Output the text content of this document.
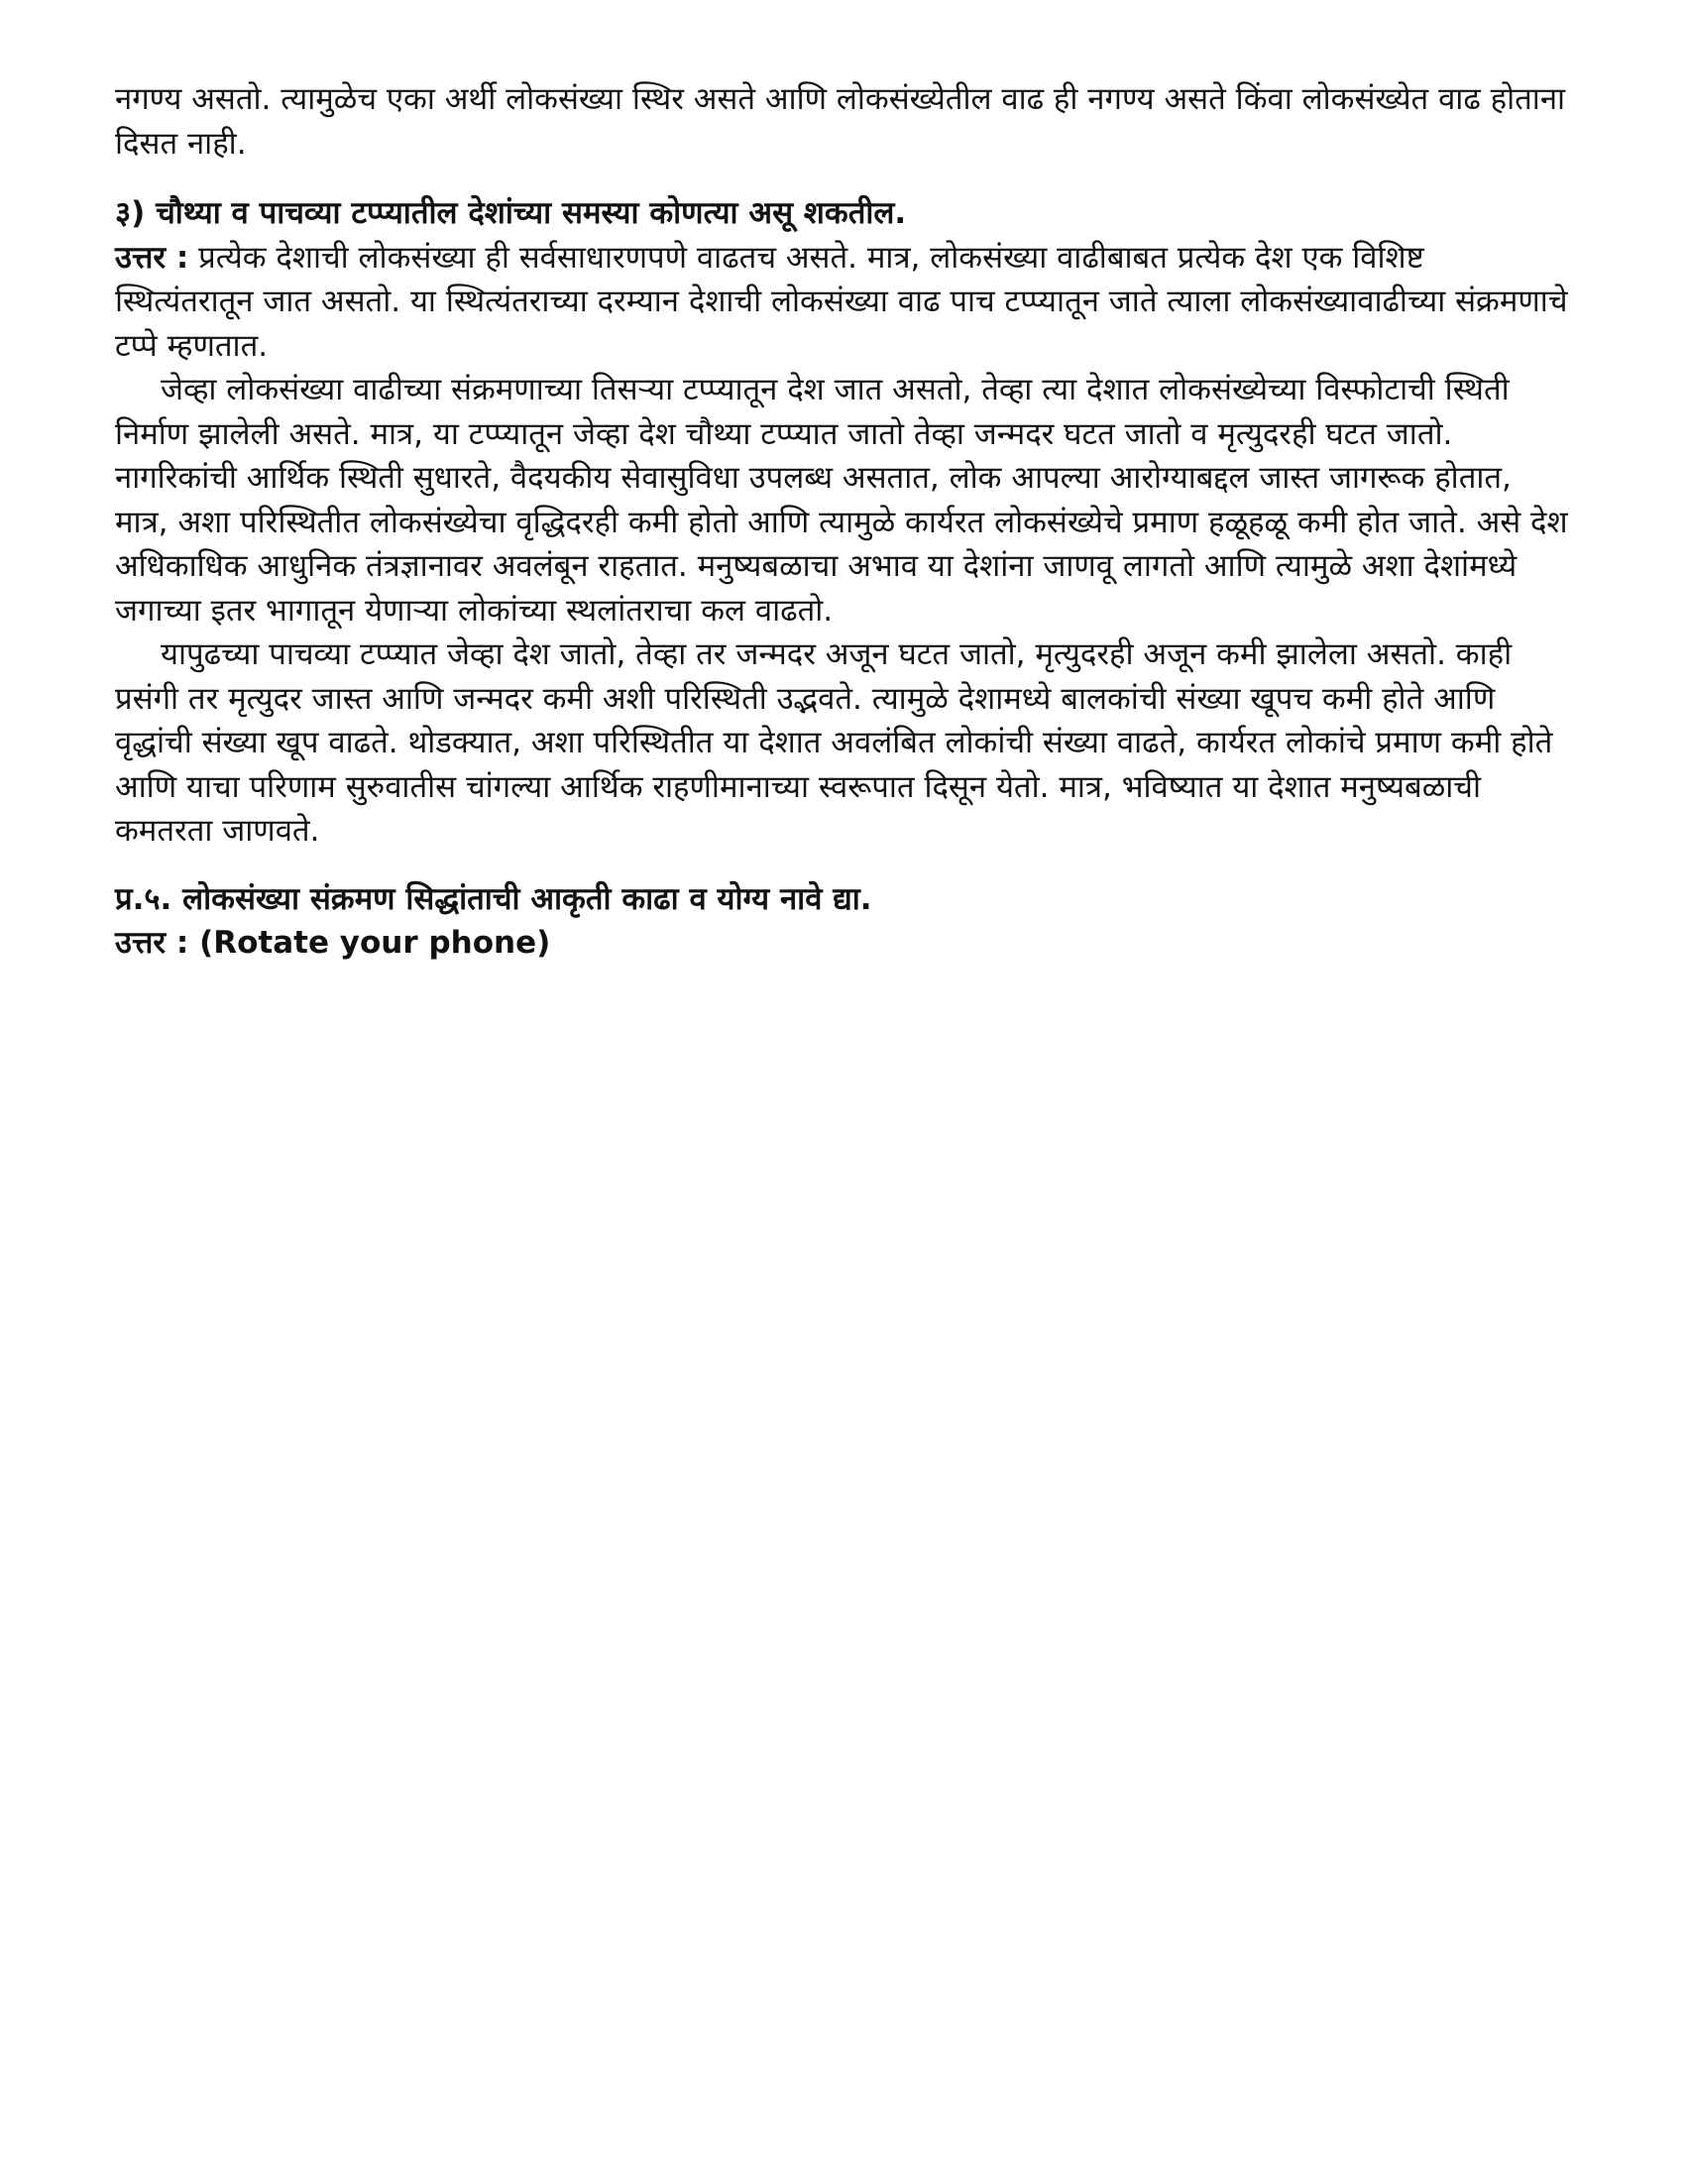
नगण्य असतो. त्यामुळेच एका अर्थी लोकसंख्या स्थिर असते आणि लोकसंख्येतील वाढ ही नगण्य असते किंवा लोकसंख्येत वाढ होताना दिसत नाही.

३) चौथ्या व पाचव्या टप्प्यातील देशांच्या समस्या कोणत्या असू शकतील.

उत्तर : प्रत्येक देशाची लोकसंख्या ही सर्वसाधारणपणे वाढतच असते. मात्र, लोकसंख्या वाढीबाबत प्रत्येक देश एक विशिष्ट स्थित्यंतरातून जात असतो. या स्थित्यंतराच्या दरम्यान देशाची लोकसंख्या वाढ पाच टप्प्यातून जाते त्याला लोकसंख्यावाढीच्या संक्रमणाचे टप्पे म्हणतात.

जेव्हा लोकसंख्या वाढीच्या संक्रमणाच्या तिसऱ्या टप्प्यातून देश जात असतो, तेव्हा त्या देशात लोकसंख्येच्या विस्फोटाची स्थिती निर्माण झालेली असते. मात्र, या टप्प्यातून जेव्हा देश चौथ्या टप्प्यात जातो तेव्हा जन्मदर घटत जातो व मृत्युदरही घटत जातो. नागरिकांची आर्थिक स्थिती सुधारते, वैदयकीय सेवासुविधा उपलब्ध असतात, लोक आपल्या आरोग्याबद्दल जास्त जागरूक होतात, मात्र, अशा परिस्थितीत लोकसंख्येचा वृद्धिदरही कमी होतो आणि त्यामुळे कार्यरत लोकसंख्येचे प्रमाण हळूहळू कमी होत जाते. असे देश अधिकाधिक आधुनिक तंत्रज्ञानावर अवलंबून राहतात. मनुष्यबळाचा अभाव या देशांना जाणवू लागतो आणि त्यामुळे अशा देशांमध्ये जगाच्या इतर भागातून येणाऱ्या लोकांच्या स्थलांतराचा कल वाढतो.

यापुढच्या पाचव्या टप्प्यात जेव्हा देश जातो, तेव्हा तर जन्मदर अजून घटत जातो, मृत्युदरही अजून कमी झालेला असतो. काही प्रसंगी तर मृत्युदर जास्त आणि जन्मदर कमी अशी परिस्थिती उद्भवते. त्यामुळे देशामध्ये बालकांची संख्या खूपच कमी होते आणि वृद्धांची संख्या खूप वाढते. थोडक्यात, अशा परिस्थितीत या देशात अवलंबित लोकांची संख्या वाढते, कार्यरत लोकांचे प्रमाण कमी होते आणि याचा परिणाम सुरुवातीस चांगल्या आर्थिक राहणीमानाच्या स्वरूपात दिसून येतो. मात्र, भविष्यात या देशात मनुष्यबळाची कमतरता जाणवते.

प्र.५. लोकसंख्या संक्रमण सिद्धांताची आकृती काढा व योग्य नावे द्या.

उत्तर : (Rotate your phone)
